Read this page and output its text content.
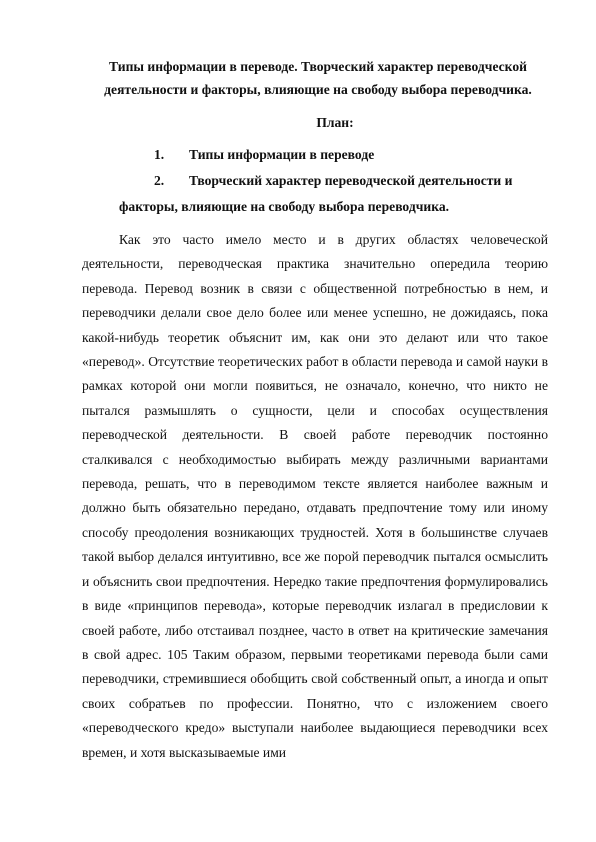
Типы информации в переводе. Творческий характер переводческой деятельности и факторы, влияющие на свободу выбора переводчика.
План:
1. Типы информации в переводе
2. Творческий характер переводческой деятельности и
факторы, влияющие на свободу выбора переводчика.

Как это часто имело место и в других областях человеческой деятельности, переводческая практика значительно опередила теорию перевода. Перевод возник в связи с общественной потребностью в нем, и переводчики делали свое дело более или менее успешно, не дожидаясь, пока какой-нибудь теоретик объяснит им, как они это делают или что такое «перевод». Отсутствие теоретических работ в области перевода и самой науки в рамках которой они могли появиться, не означало, конечно, что никто не пытался размышлять о сущности, цели и способах осуществления переводческой деятельности. В своей работе переводчик постоянно сталкивался с необходимостью выбирать между различными вариантами перевода, решать, что в переводимом тексте является наиболее важным и должно быть обязательно передано, отдавать предпочтение тому или иному способу преодоления возникающих трудностей. Хотя в большинстве случаев такой выбор делался интуитивно, все же порой переводчик пытался осмыслить и объяснить свои предпочтения. Нередко такие предпочтения формулировались в виде «принципов перевода», которые переводчик излагал в предисловии к своей работе, либо отстаивал позднее, часто в ответ на критические замечания в свой адрес. 105 Таким образом, первыми теоретиками перевода были сами переводчики, стремившиеся обобщить свой собственный опыт, а иногда и опыт своих собратьев по профессии. Понятно, что с изложением своего «переводческого кредо» выступали наиболее выдающиеся переводчики всех времен, и хотя высказываемые ими
